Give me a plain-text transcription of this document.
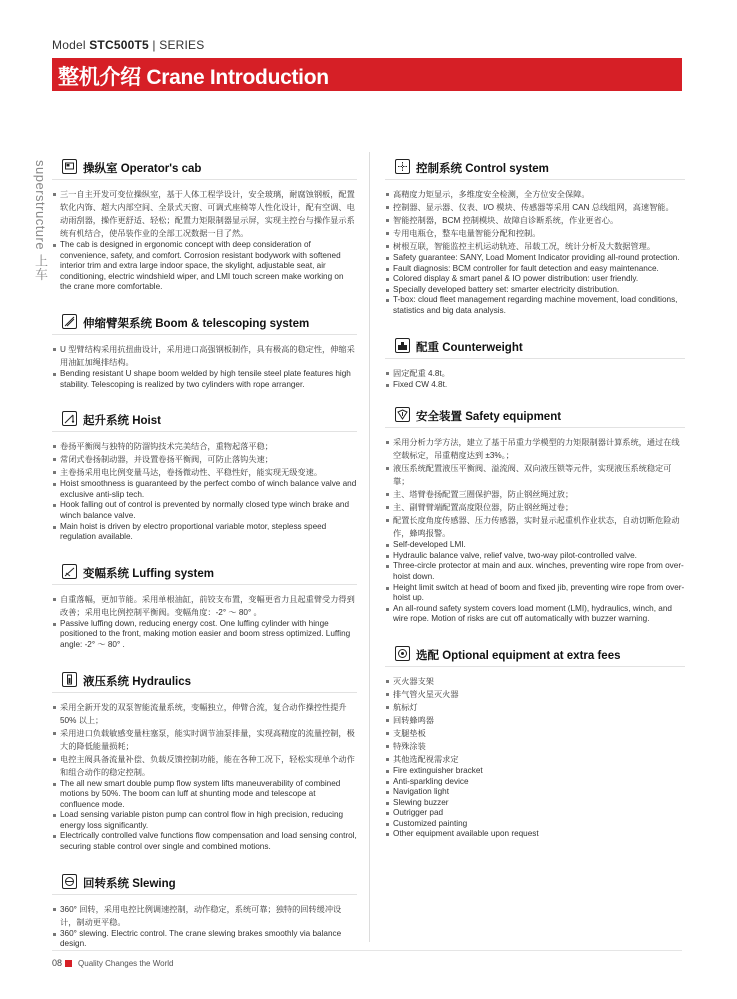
Model STC500T5 | SERIES
整机介绍 Crane Introduction
superstructure 上车	操纵室 Operator's cab
三一自主开发可变位操纵室，基于人体工程学设计，安全玻璃，耐腐蚀钢板，配置软化内饰、超大内部空间、全景式天窗、可调式座椅等人性化设计，配有空调、电动雨刮器，操作更舒适、轻松；配置力矩限制器显示屏，实现主控台与操作显示系统有机结合，使吊装作业的全部工况数据一目了然。
The cab is designed in ergonomic concept with deep consideration of convenience, safety, and comfort. Corrosion resistant bodywork with softened interior trim and extra large indoor space, the skylight, adjustable seat, air conditioning, electric windshield wiper, and LMI touch screen make working on the crane more comfortable.
伸缩臂架系统 Boom & telescoping system
U 型臂结构采用抗扭曲设计，采用进口高强钢板制作，具有极高的稳定性，伸缩采用油缸加绳排结构。
Bending resistant U shape boom welded by high tensile steel plate features high stability. Telescoping is realized by two cylinders with rope arranger.
起升系统 Hoist
卷扬平衡阀与独特的防溜钩技术完美结合，重物起落平稳；
常闭式卷扬制动器，并设置卷扬平衡阀，可防止落钩失速；
主卷扬采用电比例变量马达，卷扬微动性、平稳性好，能实现无级变速。
Hoist smoothness is guaranteed by the perfect combo of winch balance valve and exclusive anti-slip tech.
Hook falling out of control is prevented by normally closed type winch brake and winch balance valve.
Main hoist is driven by electro proportional variable motor, stepless speed regulation available.
变幅系统 Luffing system
自重落幅，更加节能。采用单根油缸，前铰支布置，变幅更省力且起重臂受力得到改善；采用电比例控制平衡阀。变幅角度：-2° ～ 80° 。
Passive luffing down, reducing energy cost. One luffing cylinder with hinge positioned to the front, making motion easier and boom stress optimized. Luffing angle: -2° ～ 80° .
液压系统 Hydraulics
采用全新开发的双泵智能流量系统，变幅独立，伸臂合流，复合动作操控性提升 50% 以上；
采用进口负载敏感变量柱塞泵，能实时调节油泵排量，实现高精度的流量控制，极大的降低能量损耗；
电控主阀具备流量补偿、负载反馈控制功能，能在各种工况下，轻松实现单个动作和组合动作的稳定控制。
The all new smart double pump flow system lifts maneuverability of combined motions by 50%. The boom can luff at shunting mode and telescope at confluence mode.
Load sensing variable piston pump can control flow in high precision, reducing energy loss significantly.
Electrically controlled valve functions flow compensation and load sensing control, securing stable control over single and combined motions.
回转系统 Slewing
360° 回转，采用电控比例调速控制，动作稳定，系统可靠；独特的回转缓冲设计，制动更平稳。
360° slewing. Electric control. The crane slewing brakes smoothly via balance design.
控制系统 Control system
高精度力矩显示，多维度安全检测，全方位安全保障。
控制器、显示器、仪表、I/O 模块、传感器等采用 CAN 总线组网，高速智能。
智能控制器，BCM 控制模块、故障自诊断系统，作业更省心。
专用电瓶仓，整车电量智能分配和控制。
树根互联，智能监控主机运动轨迹、吊载工况，统计分析及大数据管理。
Safety guarantee: SANY, Load Moment Indicator providing all-round protection.
Fault diagnosis: BCM controller for fault detection and easy maintenance.
Colored display & smart panel & IO power distribution: user friendly.
Specially developed battery set: smarter electricity distribution.
T-box: cloud fleet management regarding machine movement, load conditions, statistics and big data analysis.
配重 Counterweight
固定配重 4.8t。
Fixed CW 4.8t.
安全装置 Safety equipment
采用分析力学方法，建立了基于吊重力学模型的力矩限制器计算系统，通过在线空载标定，吊重精度达到 ±3%。；
液压系统配置液压平衡阀、溢流阀、双向液压锁等元件，实现液压系统稳定可靠；
主、塔臂卷扬配置三圈保护器，防止钢丝绳过放；
主、副臂臂端配置高度限位器，防止钢丝绳过卷；
配置长度角度传感器、压力传感器，实时显示起重机作业状态，自动切断危险动作，蜂鸣报警。
Self-developed LMI.
Hydraulic balance valve, relief valve, two-way pilot-controlled valve.
Three-circle protector at main and aux. winches, preventing wire rope from over-hoist down.
Height limit switch at head of boom and fixed jib, preventing wire rope from over-hoist up.
An all-round safety system covers load moment (LMI), hydraulics, winch, and wire rope. Motion of risks are cut off automatically with buzzer warning.
选配 Optional equipment at extra fees
灭火器支架
排气管火星灭火器
航标灯
回转蜂鸣器
支腿垫板
特殊涂装
其他选配视需求定
Fire extinguisher bracket
Anti-sparkling device
Navigation light
Slewing buzzer
Outrigger pad
Customized painting
Other equipment available upon request
08 Quality Changes the World
